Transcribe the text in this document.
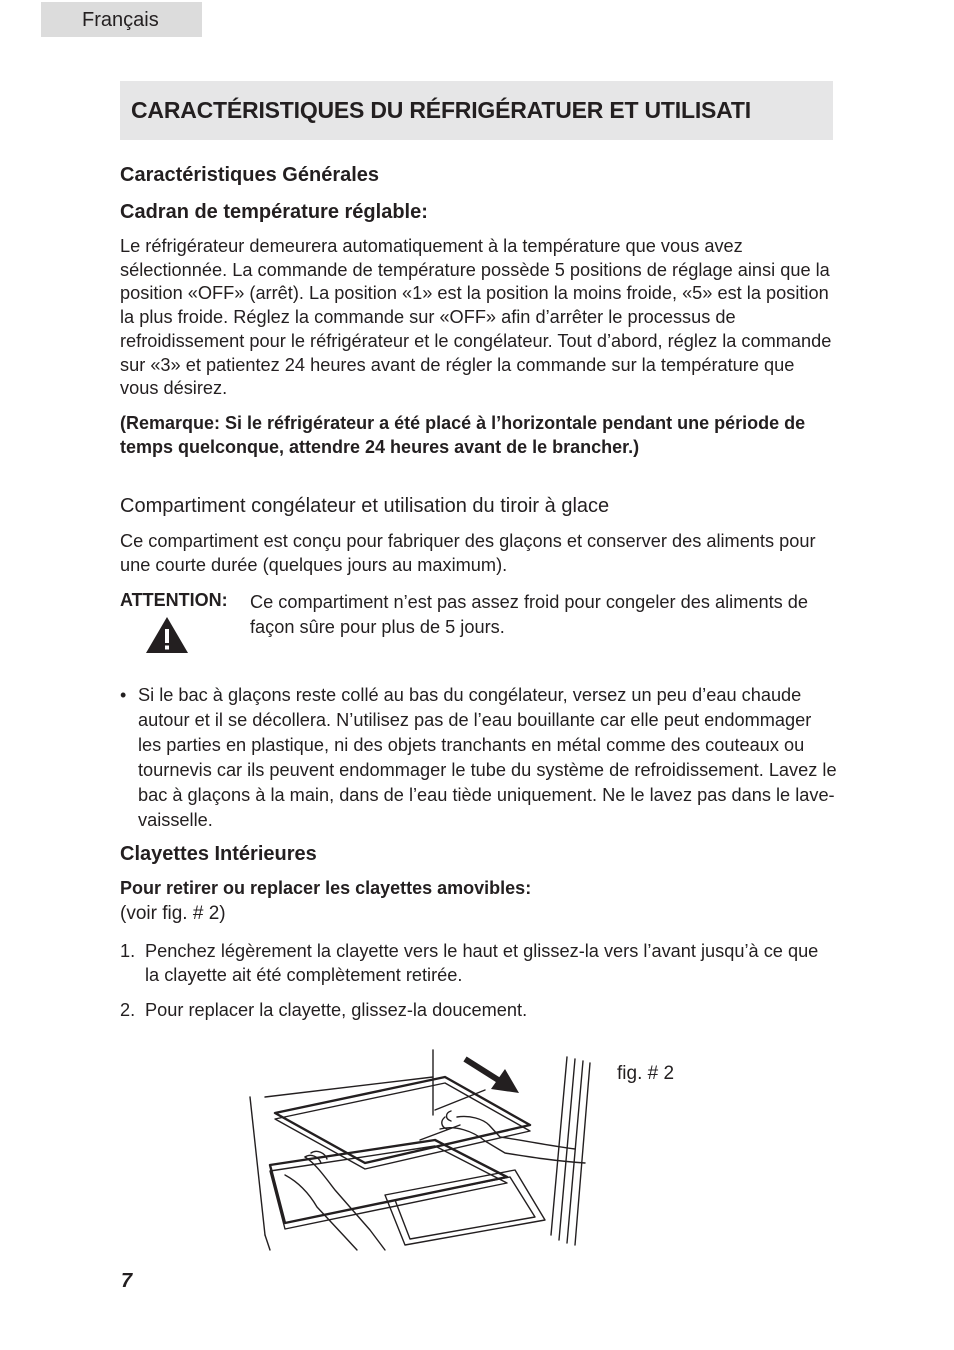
Français
CARACTÉRISTIQUES DU RÉFRIGÉRATUER ET UTILISATI
Caractéristiques Générales
Cadran de température réglable:
Le réfrigérateur demeurera automatiquement à la température que vous avez sélectionnée. La commande de température possède 5 positions de réglage ainsi que la position «OFF» (arrêt). La position «1» est la position la moins froide, «5» est la position la plus froide. Réglez la commande sur «OFF» afin d’arrêter le processus de refroidissement pour le réfrigérateur et le congélateur. Tout d’abord, réglez la commande sur «3» et patientez 24 heures avant de régler la commande sur la température que vous désirez.
(Remarque: Si le réfrigérateur a été placé à l’horizontale pendant une période de temps quelconque, attendre 24 heures avant de le brancher.)
Compartiment congélateur et utilisation du tiroir à glace
Ce compartiment est conçu pour fabriquer des glaçons et conserver des aliments pour une courte durée (quelques jours au maximum).
ATTENTION: Ce compartiment n’est pas assez froid pour congeler des aliments de façon sûre pour plus de 5 jours.
• Si le bac à glaçons reste collé au bas du congélateur, versez un peu d’eau chaude autour et il se décollera. N’utilisez pas de l’eau bouillante car elle peut endommager les parties en plastique, ni des objets tranchants en métal comme des couteaux ou tournevis car ils peuvent endommager le tube du système de refroidissement. Lavez le bac à glaçons à la main, dans de l’eau tiède uniquement. Ne le lavez pas dans le lave-vaisselle.
Clayettes Intérieures
Pour retirer ou replacer les clayettes amovibles:
(voir fig. # 2)
1. Penchez légèrement la clayette vers le haut et glissez-la vers l’avant jusqu’à ce que la clayette ait été complètement retirée.
2. Pour replacer la clayette, glissez-la doucement.
fig. # 2
7
